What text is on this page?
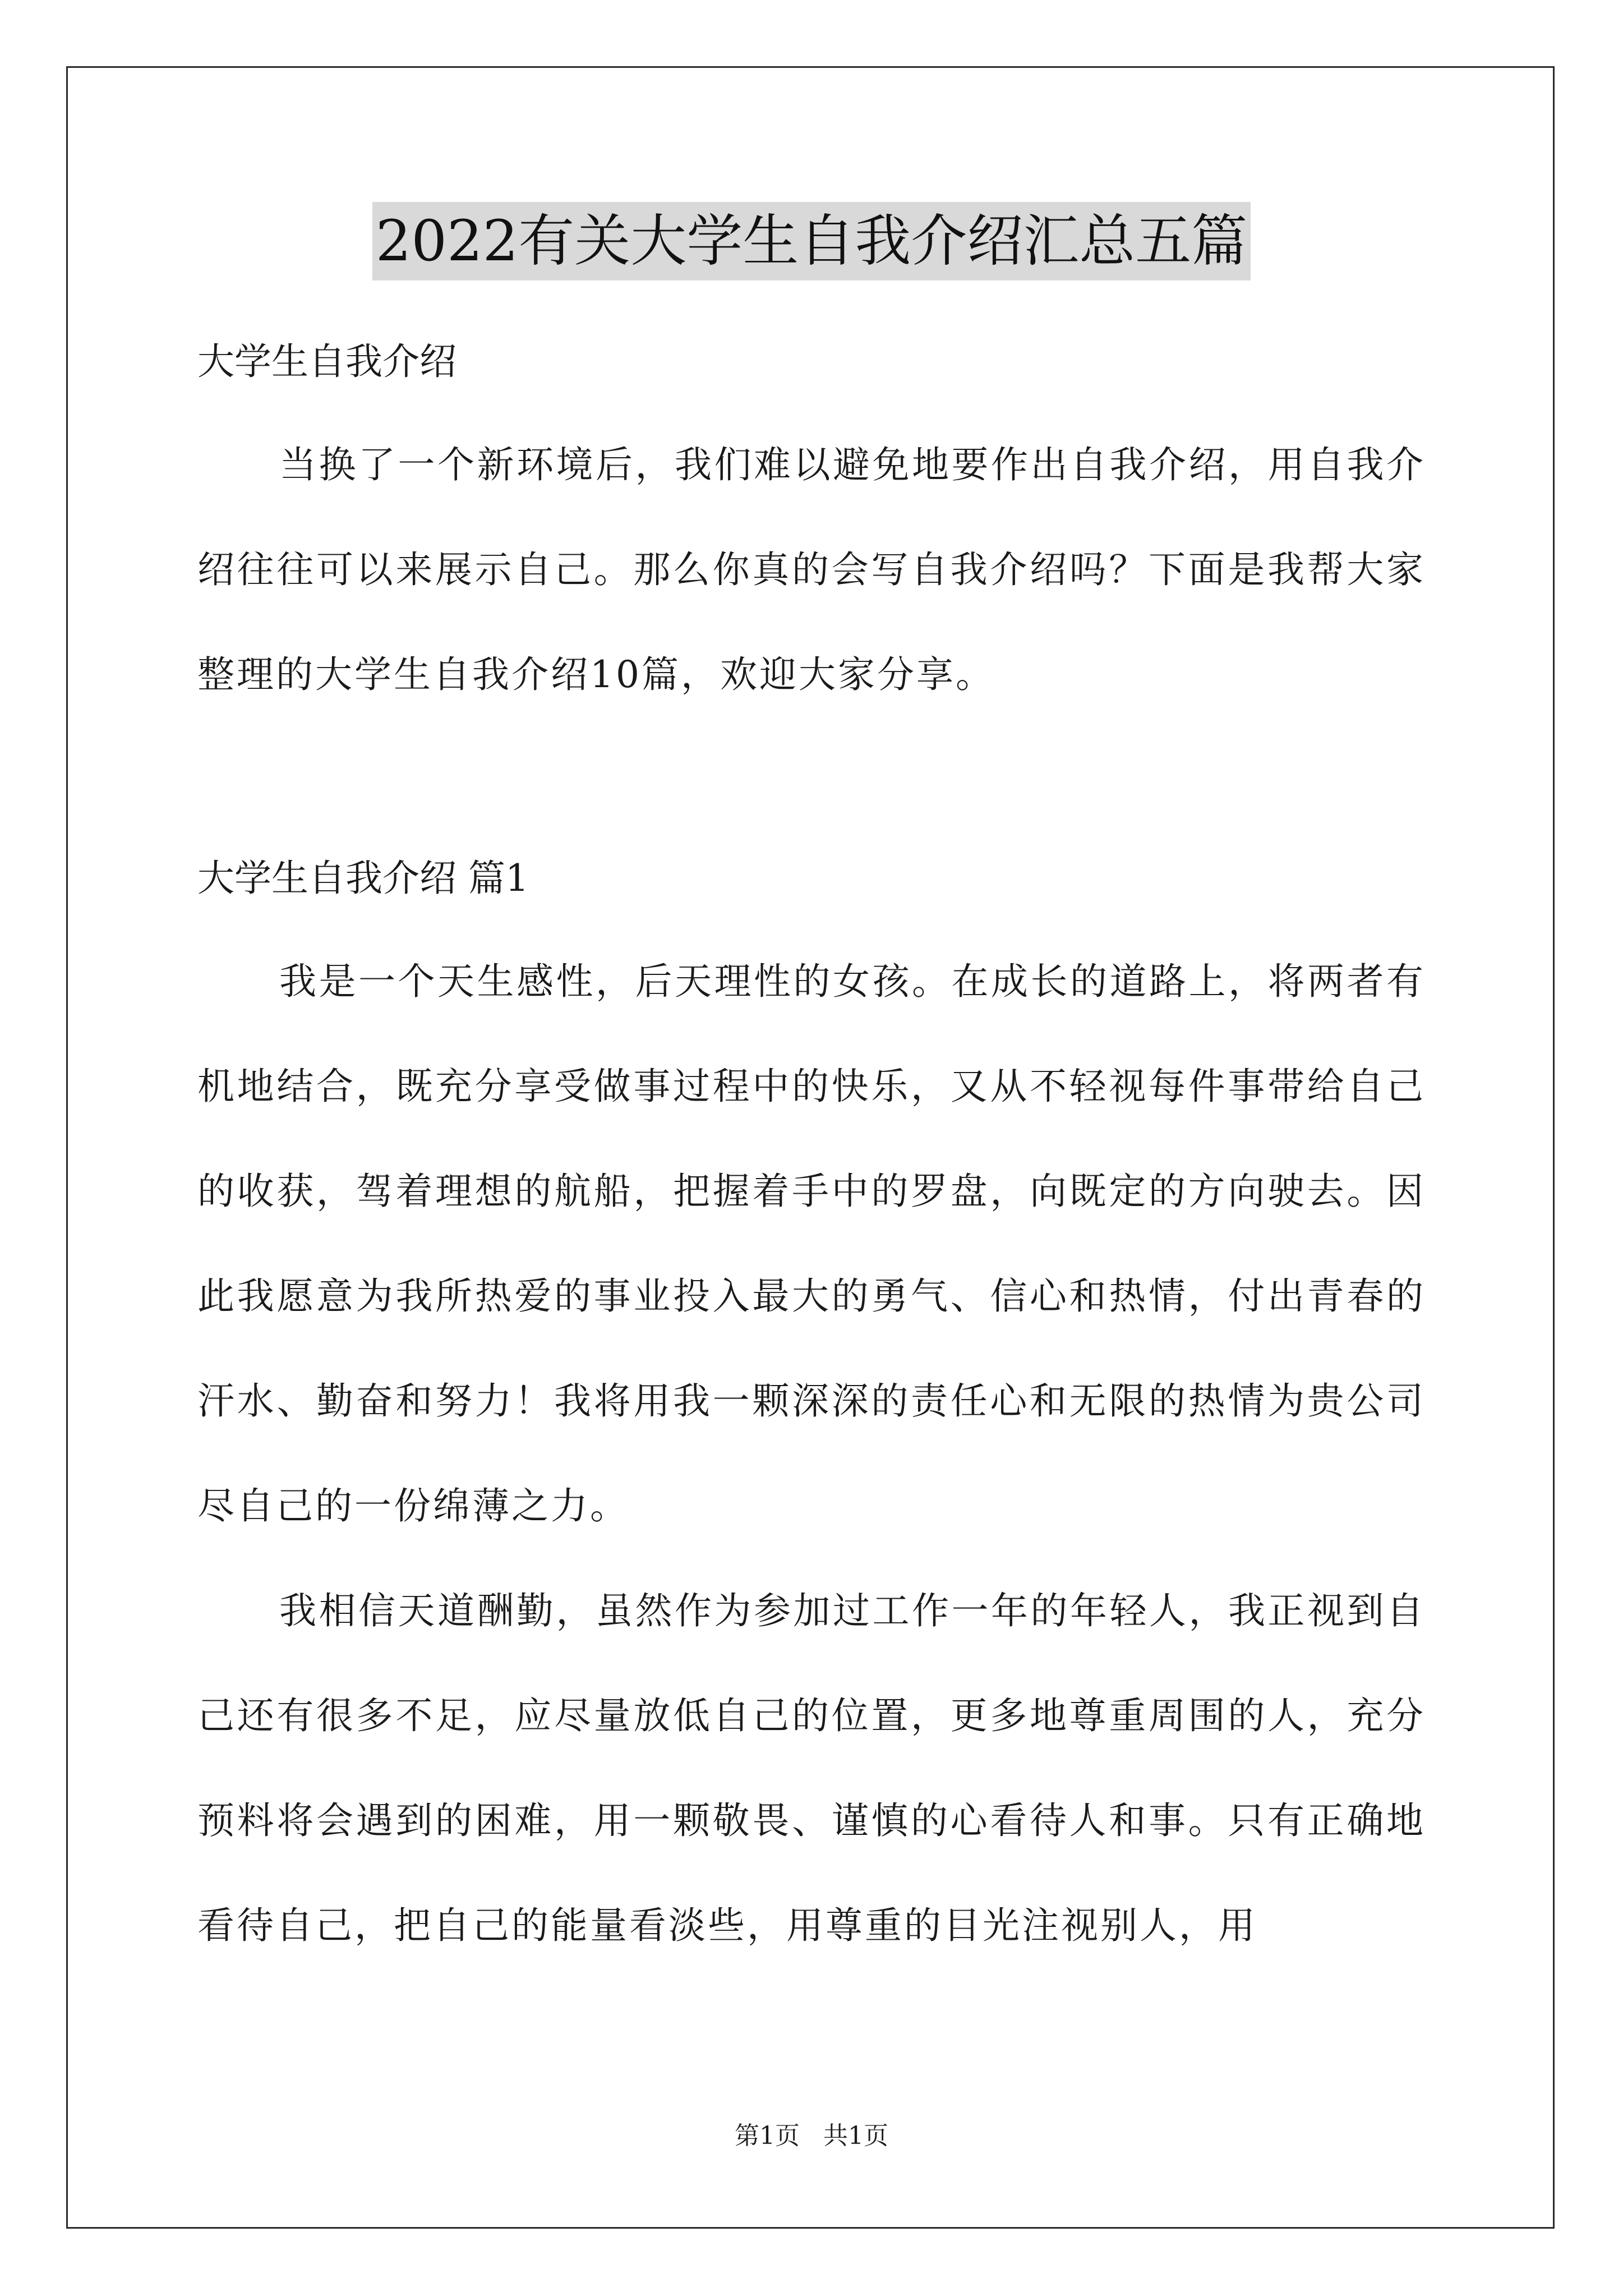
2022有关大学生自我介绍汇总五篇

大学生自我介绍

当换了一个新环境后，我们难以避免地要作出自我介绍，用自我介绍往往可以来展示自己。那么你真的会写自我介绍吗？下面是我帮大家整理的大学生自我介绍10篇，欢迎大家分享。

大学生自我介绍 篇1

我是一个天生感性，后天理性的女孩。在成长的道路上，将两者有机地结合，既充分享受做事过程中的快乐，又从不轻视每件事带给自己的收获，驾着理想的航船，把握着手中的罗盘，向既定的方向驶去。因此我愿意为我所热爱的事业投入最大的勇气、信心和热情，付出青春的汗水、勤奋和努力！我将用我一颗深深的责任心和无限的热情为贵公司尽自己的一份绵薄之力。

我相信天道酬勤，虽然作为参加过工作一年的年轻人，我正视到自己还有很多不足，应尽量放低自己的位置，更多地尊重周围的人，充分预料将会遇到的困难，用一颗敬畏、谨慎的心看待人和事。只有正确地看待自己，把自己的能量看淡些，用尊重的目光注视别人，用

第1页   共1页
